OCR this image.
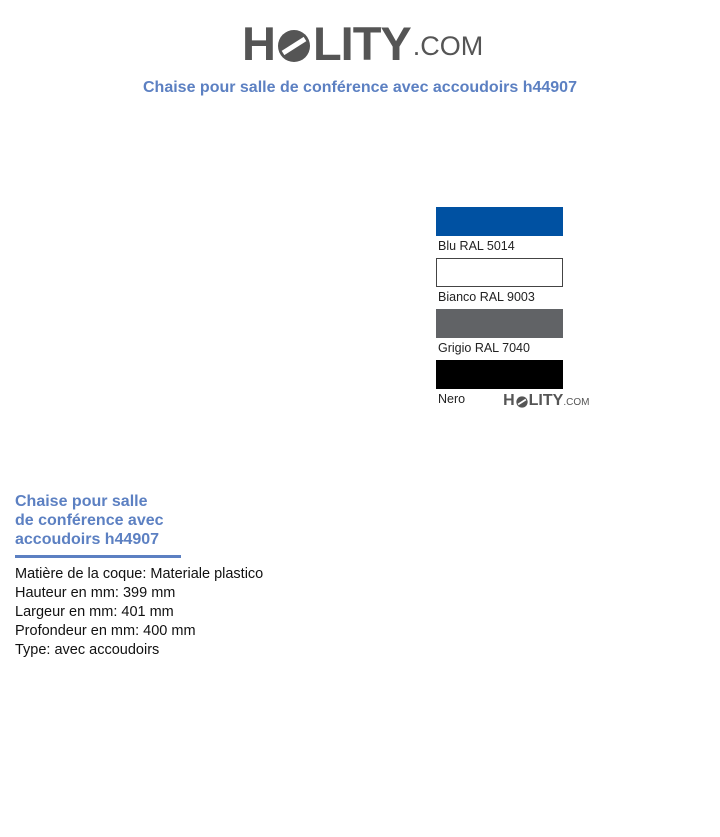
H LITY .COM
Chaise pour salle de conférence avec accoudoirs h44907
Blu RAL 5014
Bianco RAL 9003
Grigio RAL 7040
Nero H LITY .COM
Chaise pour salle
de conférence avec
accoudoirs h44907
Matière de la coque: Materiale plastico
Hauteur en mm: 399 mm
Largeur en mm: 401 mm
Profondeur en mm: 400 mm
Type: avec accoudoirs
